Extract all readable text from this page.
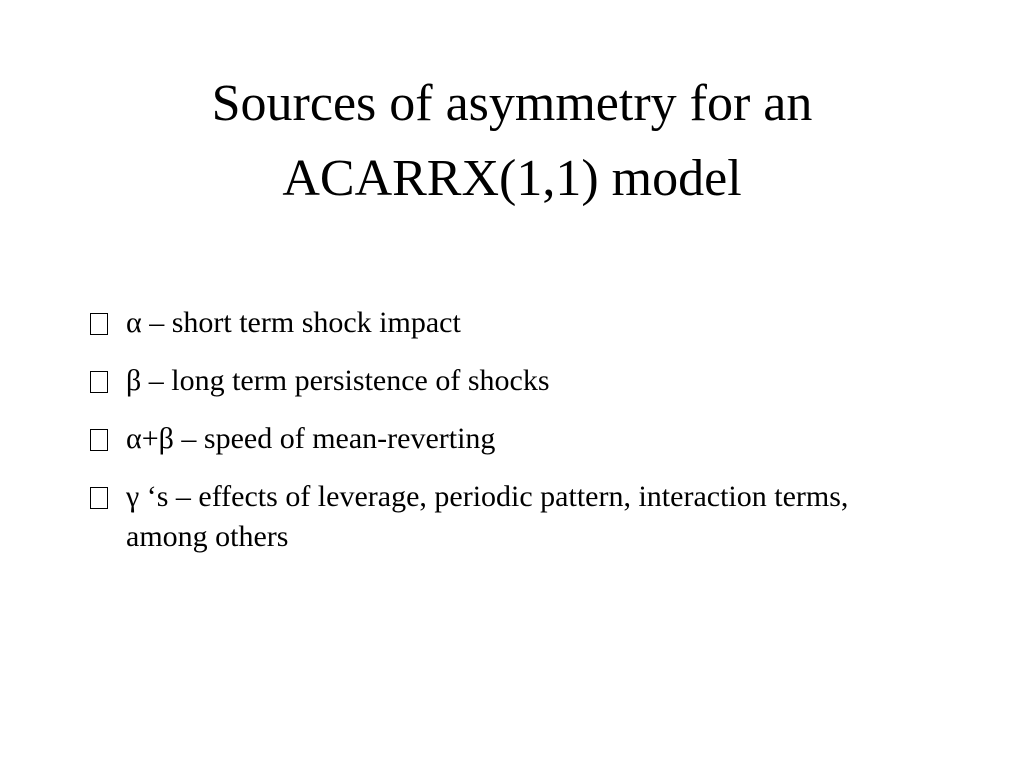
Sources of asymmetry for an
ACARRX(1,1) model
α – short term shock impact
β – long term persistence of shocks
α+β – speed of mean-reverting
γ ‘s – effects of leverage, periodic pattern, interaction terms, among others
